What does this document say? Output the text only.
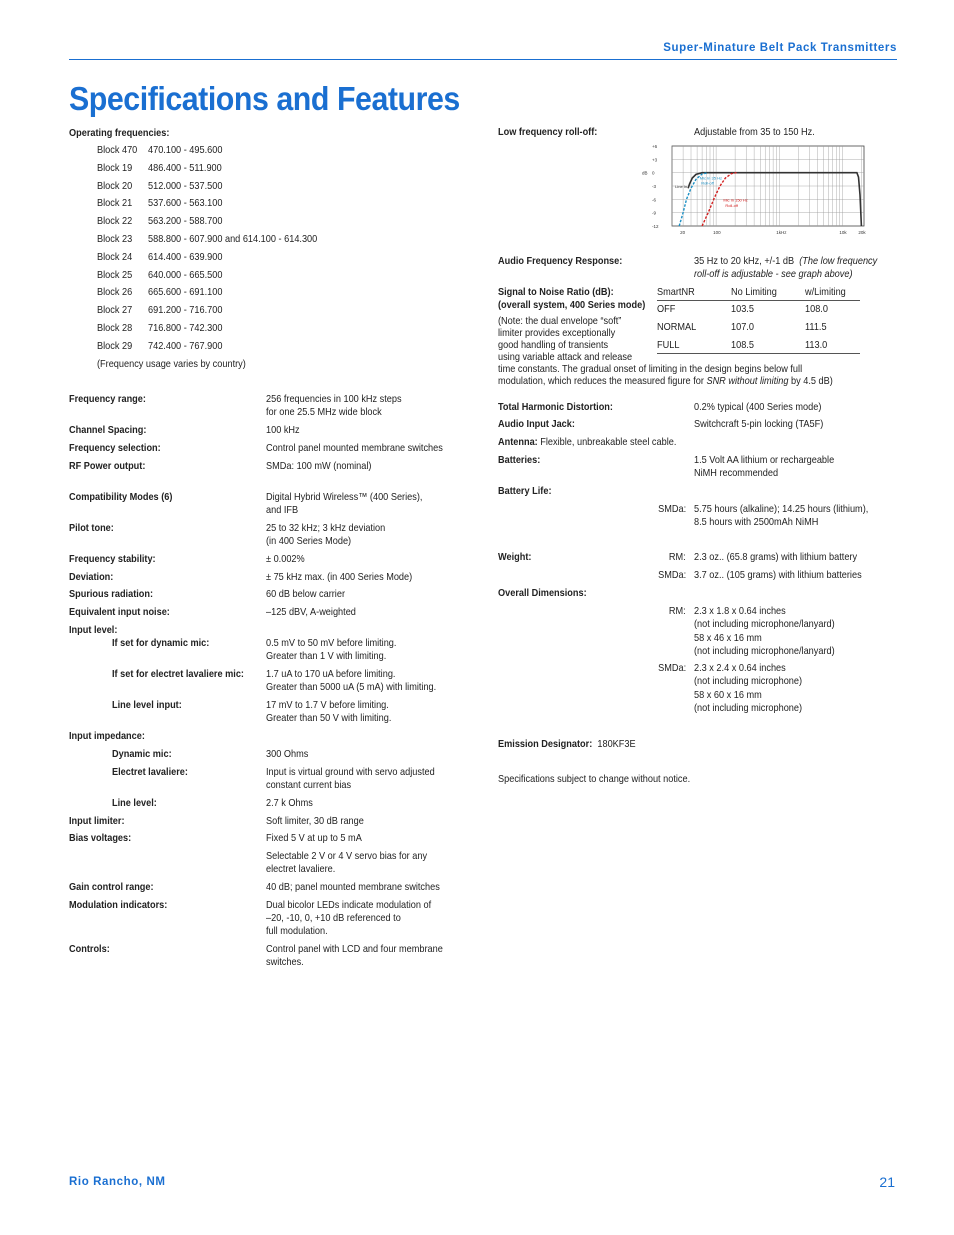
Super-Minature Belt Pack Transmitters
Specifications and Features
Operating frequencies:
Block 470 470.100 - 495.600
Block 19 486.400 - 511.900
Block 20 512.000 - 537.500
Block 21 537.600 - 563.100
Block 22 563.200 - 588.700
Block 23 588.800 - 607.900 and 614.100 - 614.300
Block 24 614.400 - 639.900
Block 25 640.000 - 665.500
Block 26 665.600 - 691.100
Block 27 691.200 - 716.700
Block 28 716.800 - 742.300
Block 29 742.400 - 767.900
(Frequency usage varies by country)
Frequency range:	256 frequencies in 100 kHz steps
for one 25.5 MHz wide block
Channel Spacing:	100 kHz
Frequency selection:	Control panel mounted membrane switches
RF Power output:	SMDa: 100 mW (nominal)
Compatibility Modes (6)	Digital Hybrid Wireless™ (400 Series),
and IFB
Pilot tone:	25 to 32 kHz; 3 kHz deviation
(in 400 Series Mode)
Frequency stability:	± 0.002%
Deviation:	± 75 kHz max. (in 400 Series Mode)
Spurious radiation:	60 dB below carrier
Equivalent input noise:	–125 dBV, A-weighted
Input level:
If set for dynamic mic:	0.5 mV to 50 mV before limiting.
Greater than 1 V with limiting.
If set for electret lavaliere mic: 1.7 uA to 170 uA before limiting.
Greater than 5000 uA (5 mA) with limiting.
Line level input:	17 mV to 1.7 V before limiting.
Greater than 50 V with limiting.
Input impedance:
Dynamic mic:	300 Ohms
Electret lavaliere:	Input is virtual ground with servo adjusted
constant current bias
Line level:	2.7 k Ohms
Input limiter:	Soft limiter, 30 dB range
Bias voltages:	Fixed 5 V at up to 5 mA
Selectable 2 V or 4 V servo bias for any
electret lavaliere.
Gain control range:	40 dB; panel mounted membrane switches
Modulation indicators:	Dual bicolor LEDs indicate modulation of
–20, -10, 0, +10 dB referenced to
full modulation.
Controls:	Control panel with LCD and four membrane
switches.
Low frequency roll-off:	Adjustable from 35 to 150 Hz.
+6
+3
0
-3
-6
-9
-12
dB
20	100	1kHz	10k	20k
Line In
Mic In 35 Hz
Roll-off
Mic In 150 Hz
Roll-off
Audio Frequency Response:	35 Hz to 20 kHz, +/-1 dB (The low frequency
roll-off is adjustable - see graph above)
Signal to Noise Ratio (dB):
(overall system, 400 Series mode)
(Note: the dual envelope “soft”
limiter provides exceptionally
good handling of transients
using variable attack and release
time constants. The gradual onset of limiting in the design begins below full
modulation, which reduces the measured figure for SNR without limiting by 4.5 dB)
SmartNR	No Limiting	w/Limiting
OFF	103.5	108.0
NORMAL	107.0	111.5
FULL	108.5	113.0
Total Harmonic Distortion:	0.2% typical (400 Series mode)
Audio Input Jack:	Switchcraft 5-pin locking (TA5F)
Antenna: Flexible, unbreakable steel cable.
Batteries:	1.5 Volt AA lithium or rechargeable
NiMH recommended
Battery Life:
SMDa: 5.75 hours (alkaline); 14.25 hours (lithium),
8.5 hours with 2500mAh NiMH
Weight:	RM: 2.3 oz.. (65.8 grams) with lithium battery
SMDa: 3.7 oz.. (105 grams) with lithium batteries
Overall Dimensions:
RM: 2.3 x 1.8 x 0.64 inches
(not including microphone/lanyard)
58 x 46 x 16 mm
(not including microphone/lanyard)
SMDa: 2.3 x 2.4 x 0.64 inches
(not including microphone)
58 x 60 x 16 mm
(not including microphone)
Emission Designator: 180KF3E
Specifications subject to change without notice.
Rio Rancho, NM	21
